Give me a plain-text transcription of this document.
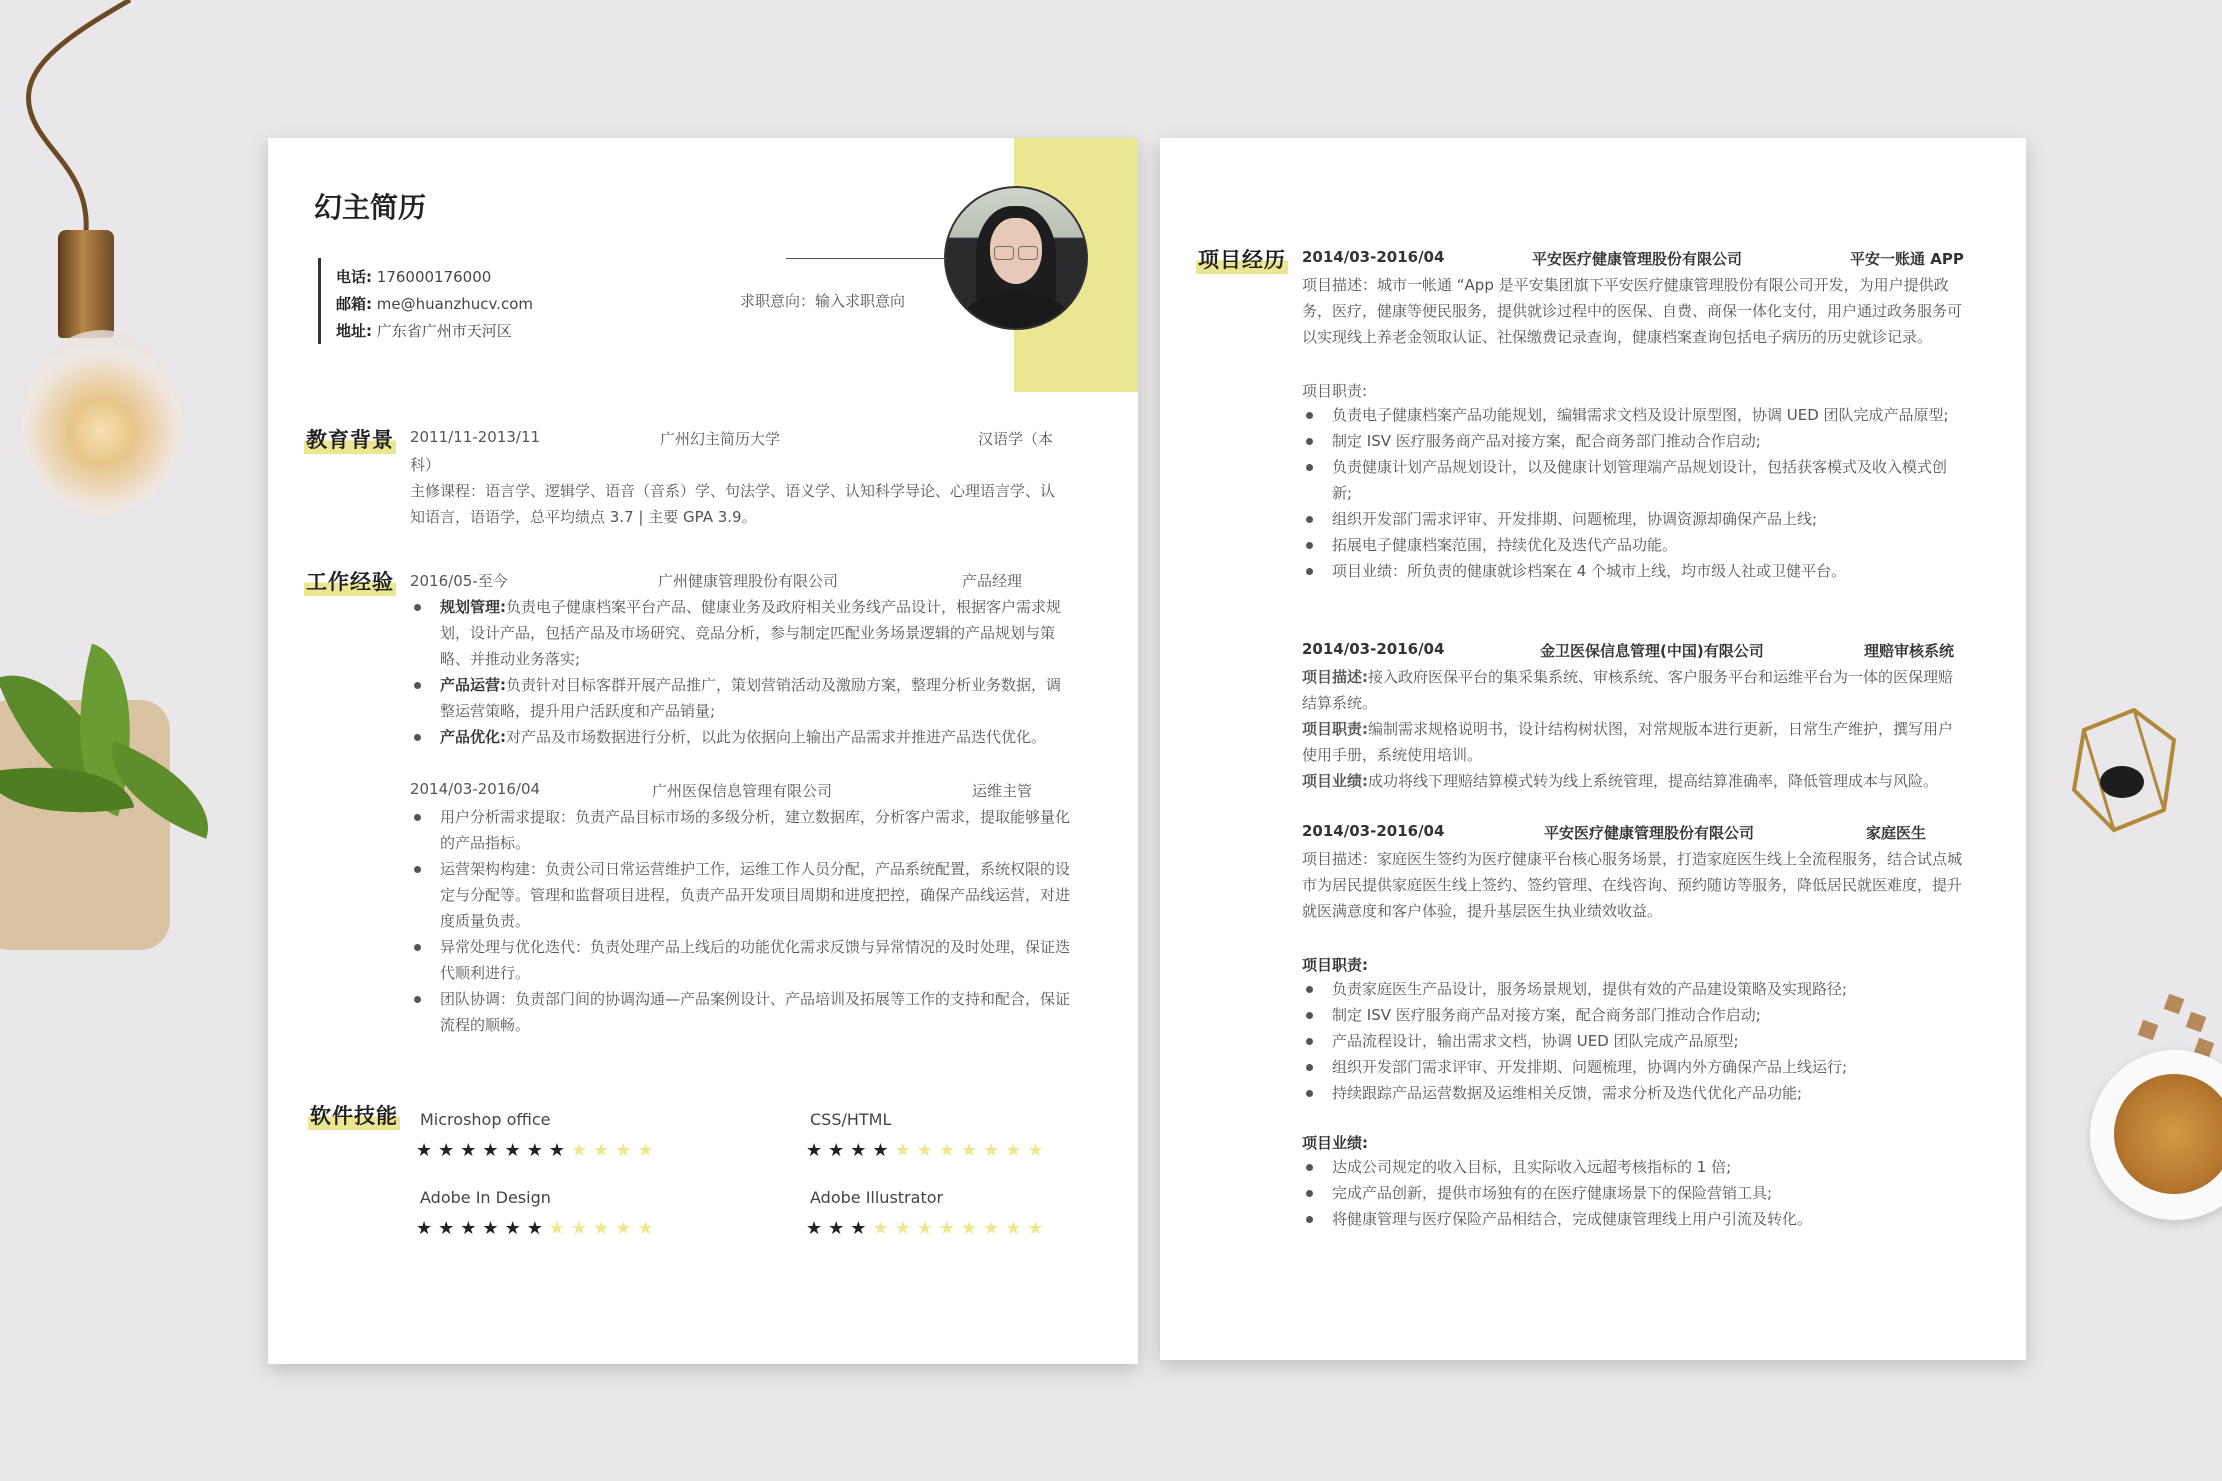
幻主简历
电话: 176000176000
邮箱: me@huanzhucv.com
地址: 广东省广州市天河区
求职意向：输入求职意向
教育背景 2011/11-2013/11	广州幻主简历大学	汉语学（本
科）
主修课程：语言学、逻辑学、语音（音系）学、句法学、语义学、认知科学导论、心理语言学、认
知语言，语语学，总平均绩点 3.7 | 主要 GPA 3.9。
工作经验 2016/05-至今	广州健康管理股份有限公司	产品经理
规划管理:负责电子健康档案平台产品、健康业务及政府相关业务线产品设计，根据客户需求规划，设计产品，包括产品及市场研究、竞品分析，参与制定匹配业务场景逻辑的产品规划与策略、并推动业务落实;
产品运营:负责针对目标客群开展产品推广，策划营销活动及激励方案，整理分析业务数据，调整运营策略，提升用户活跃度和产品销量;
产品优化:对产品及市场数据进行分析，以此为依据向上输出产品需求并推进产品迭代优化。
2014/03-2016/04	广州医保信息管理有限公司	运维主管
用户分析需求提取：负责产品目标市场的多级分析，建立数据库，分析客户需求，提取能够量化的产品指标。
运营架构构建：负责公司日常运营维护工作，运维工作人员分配，产品系统配置，系统权限的设定与分配等。管理和监督项目进程，负责产品开发项目周期和进度把控，确保产品线运营，对进度质量负责。
异常处理与优化迭代：负责处理产品上线后的功能优化需求反馈与异常情况的及时处理，保证迭代顺利进行。
团队协调：负责部门间的协调沟通—产品案例设计、产品培训及拓展等工作的支持和配合，保证流程的顺畅。
软件技能 Microshop office
★★★★★★★★★★★
CSS/HTML
★★★★★★★★★★★
Adobe In Design
★★★★★★★★★★★
Adobe Illustrator
★★★★★★★★★★★
项目经历 2014/03-2016/04	平安医疗健康管理股份有限公司	平安一账通 APP
项目描述：城市一帐通 “App 是平安集团旗下平安医疗健康管理股份有限公司开发，为用户提供政务，医疗，健康等便民服务，提供就诊过程中的医保、自费、商保一体化支付，用户通过政务服务可以实现线上养老金领取认证、社保缴费记录查询，健康档案查询包括电子病历的历史就诊记录。
项目职责:
负责电子健康档案产品功能规划，编辑需求文档及设计原型图，协调 UED 团队完成产品原型;
制定 ISV 医疗服务商产品对接方案，配合商务部门推动合作启动;
负责健康计划产品规划设计，以及健康计划管理端产品规划设计，包括获客模式及收入模式创新;
组织开发部门需求评审、开发排期、问题梳理，协调资源却确保产品上线;
拓展电子健康档案范围，持续优化及迭代产品功能。
项目业绩：所负责的健康就诊档案在 4 个城市上线，均市级人社或卫健平台。
2014/03-2016/04	金卫医保信息管理(中国)有限公司	理赔审核系统
项目描述:接入政府医保平台的集采集系统、审核系统、客户服务平台和运维平台为一体的医保理赔结算系统。
项目职责:编制需求规格说明书，设计结构树状图，对常规版本进行更新，日常生产维护，撰写用户使用手册，系统使用培训。
项目业绩:成功将线下理赔结算模式转为线上系统管理，提高结算准确率，降低管理成本与风险。
2014/03-2016/04	平安医疗健康管理股份有限公司	家庭医生
项目描述：家庭医生签约为医疗健康平台核心服务场景，打造家庭医生线上全流程服务，结合试点城市为居民提供家庭医生线上签约、签约管理、在线咨询、预约随访等服务，降低居民就医难度，提升就医满意度和客户体验，提升基层医生执业绩效收益。
项目职责:
负责家庭医生产品设计，服务场景规划，提供有效的产品建设策略及实现路径;
制定 ISV 医疗服务商产品对接方案，配合商务部门推动合作启动;
产品流程设计，输出需求文档，协调 UED 团队完成产品原型;
组织开发部门需求评审、开发排期、问题梳理，协调内外方确保产品上线运行;
持续跟踪产品运营数据及运维相关反馈，需求分析及迭代优化产品功能;
项目业绩:
达成公司规定的收入目标，且实际收入远超考核指标的 1 倍;
完成产品创新，提供市场独有的在医疗健康场景下的保险营销工具;
将健康管理与医疗保险产品相结合，完成健康管理线上用户引流及转化。
